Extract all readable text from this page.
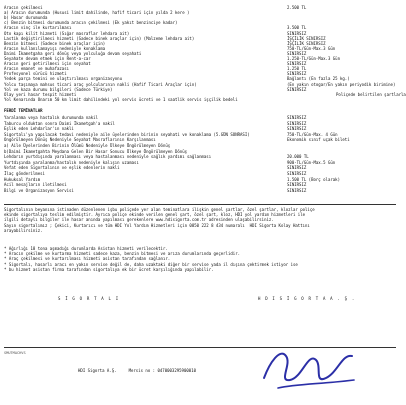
Aracın çekilmesi	2.500 TL
a) Aracın durumunda (Hususi limit dahilinde, hafif ticari için yılda 2 kere )
b) Hasar durumunda
c) Benzin bitmesi durumunda aracın çekilmesi (Ek yakıt benzinciye kadar)
Aracın vinç ile kurtarılması	3.500 TL
Oto kapı kilit hizmeti (Sığar masraflar lehdara ait)	SINIRSIZ
Lastik değiştirilmesi hizmeti (Sadece binek araçlar için) (Malzeme lehdara ait)	İŞÇİLİK SINIRSIZ
Benzin bitmesi (Sadece binek araçlar için)	İŞÇİLİK SINIRSIZ
Aracın kullanılamayışı nedeniyle konaklama	750-TL/Gün-Max.3 Gün
Daimi İkametgaha geri dönüş veya yolculuğa devam seyahati	SINIRSIZ
Seyahate devam etmek için Rent-a-car	1.250-TL/Gün-Max.3 Gün
Aracın geri getirilmesi için seyahat	SINIRSIZ
Aracın emanet ve muhafazası	1.250 TL
Profesyonel sürücü hizmeti	SINIRSIZ
Yedek parça temini ve ulaştırılması organizasyonu	Bağlantı (En fazla 25 kg.)
Yolcu taşımaya mahsus ticari araç yolcularının nakli (Hafif Ticari Araçlar için)	(En yakın otogar/En yakın periyodik birimine)
Yol ve kaza durumu bilgileri (Sadece Türkiye)	SINIRSIZ
Olay yeri hasar tespit hizmeti	Poliçede belirtilen şartlarla
Yol Kenarında Onarım 50 km limit dahilindeki yol servis ücreti ve 1 saatlik servis işçilik bedeli
FERDİ TEMİNATLAR
Yaralanma veya hastalık durumunda nakil	SINIRSIZ
Taburcu olduktan sonra Daimi İkametgah'a nakil	SINIRSIZ
Eşlik eden Lehdarlar'ın nakli	SINIRSIZ
Sigortalı'ya yapılacak tedavi nedeniyle aile üyelerinden birinin seyahati ve konaklama (5.GÜN SONRASI)	750-TL/Gün-Max. 4 Gün
Ongörülmeyen Dönüş Nedeniyle Seyahat Masraflarının Karşılanması	Ekonomik sınıf uçak bileti
a) Aile Üyelerinden Birinin Ölümü Nedeniyle Ülkeye Öngörülmeyen Dönüş
b)Daimi İkametgahta Meydana Gelen Bir Hasar Sonucu Ülkeye Öngörülmeyen Dönüş
Lehdarın yurtdışında yaralanması veya hastalanması nedeniyle sağlık yardımı sağlanması	20.000 TL
Yurtdışında yaralanma/hastalık nedeniyle kalışın uzaması	900-TL/Gün-Max.5 Gün
Vefat eden Sigortalının ve eşlik edenlerin nakli	SINIRSIZ
İlaç gönderilmesi	SINIRSIZ
Hukuksal Yardım	1.500 TL (Borç olarak)
Acil mesajların iletilmesi	SINIRSIZ
Bilgi ve Organizasyon Servisi	SINIRSIZ
Sigortalının beyanına istinaden düzenlenen işbu poliçede yer alan teminatlara ilişkin genel şartlar, özel şartlar, klozlar poliçe
ekinde sigortalıya teslim edilmiştir. Ayrıca poliçe ekinde verilen genel şart, özel şart, kloz, HDI yol yardım hizmetleri ile
ilgili detaylı bilgiler ile hasar anında yapılması gerekenlere www.hdisigorta.com.tr adresinden ulaşabilirsiniz.
Sayın sigortalımız ; Çekici, Kurtarıcı ve tüm HDI Yol Yardım Hizmetleri için 0850 222 8 434 numaralı  HDI Sigorta Kolay Hattını
arayabilirsiniz.
* Ağırlığı 18 tona aşmadığı durumlarda Asistan hizmeti verilecektir.
* Aracın çekilme ve kurtarma hizmeti sadece kaza, benzin bitmesi ve arıza durumlarında geçerlidir.
* Araç çekilmesi ve kurtarılması hizmeti asistan tarafından sağlanır.
* Sigortalı, hasarlı aracı en yakın servise değil de, daha uzaktaki diğer bir servise yada il dışına çektirmek istiyor ise
* bu hizmet asistan firma tarafından sigortalıya ek bir ücret karşılığında yapılabilir.
S İ G O R T A L I	H D I S İ G O R T A A . Ş .
SMUTMACHVS
HDI Sigorta A.Ş.	Mersis no : 0470003295900010
